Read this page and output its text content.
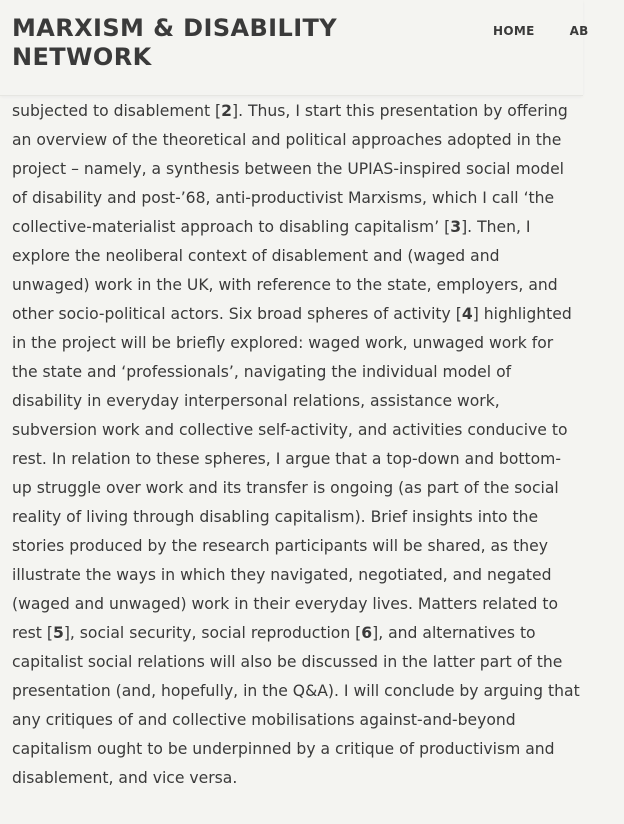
MARXISM & DISABILITY NETWORK
HOME	AB

subjected to disablement [2]. Thus, I start this presentation by offering an overview of the theoretical and political approaches adopted in the project – namely, a synthesis between the UPIAS-inspired social model of disability and post-’68, anti-productivist Marxisms, which I call ‘the collective-materialist approach to disabling capitalism’ [3]. Then, I explore the neoliberal context of disablement and (waged and unwaged) work in the UK, with reference to the state, employers, and other socio-political actors. Six broad spheres of activity [4] highlighted in the project will be briefly explored: waged work, unwaged work for the state and ‘professionals’, navigating the individual model of disability in everyday interpersonal relations, assistance work, subversion work and collective self-activity, and activities conducive to rest. In relation to these spheres, I argue that a top-down and bottom-up struggle over work and its transfer is ongoing (as part of the social reality of living through disabling capitalism). Brief insights into the stories produced by the research participants will be shared, as they illustrate the ways in which they navigated, negotiated, and negated (waged and unwaged) work in their everyday lives. Matters related to rest [5], social security, social reproduction [6], and alternatives to capitalist social relations will also be discussed in the latter part of the presentation (and, hopefully, in the Q&A). I will conclude by arguing that any critiques of and collective mobilisations against-and-beyond capitalism ought to be underpinned by a critique of productivism and disablement, and vice versa.
